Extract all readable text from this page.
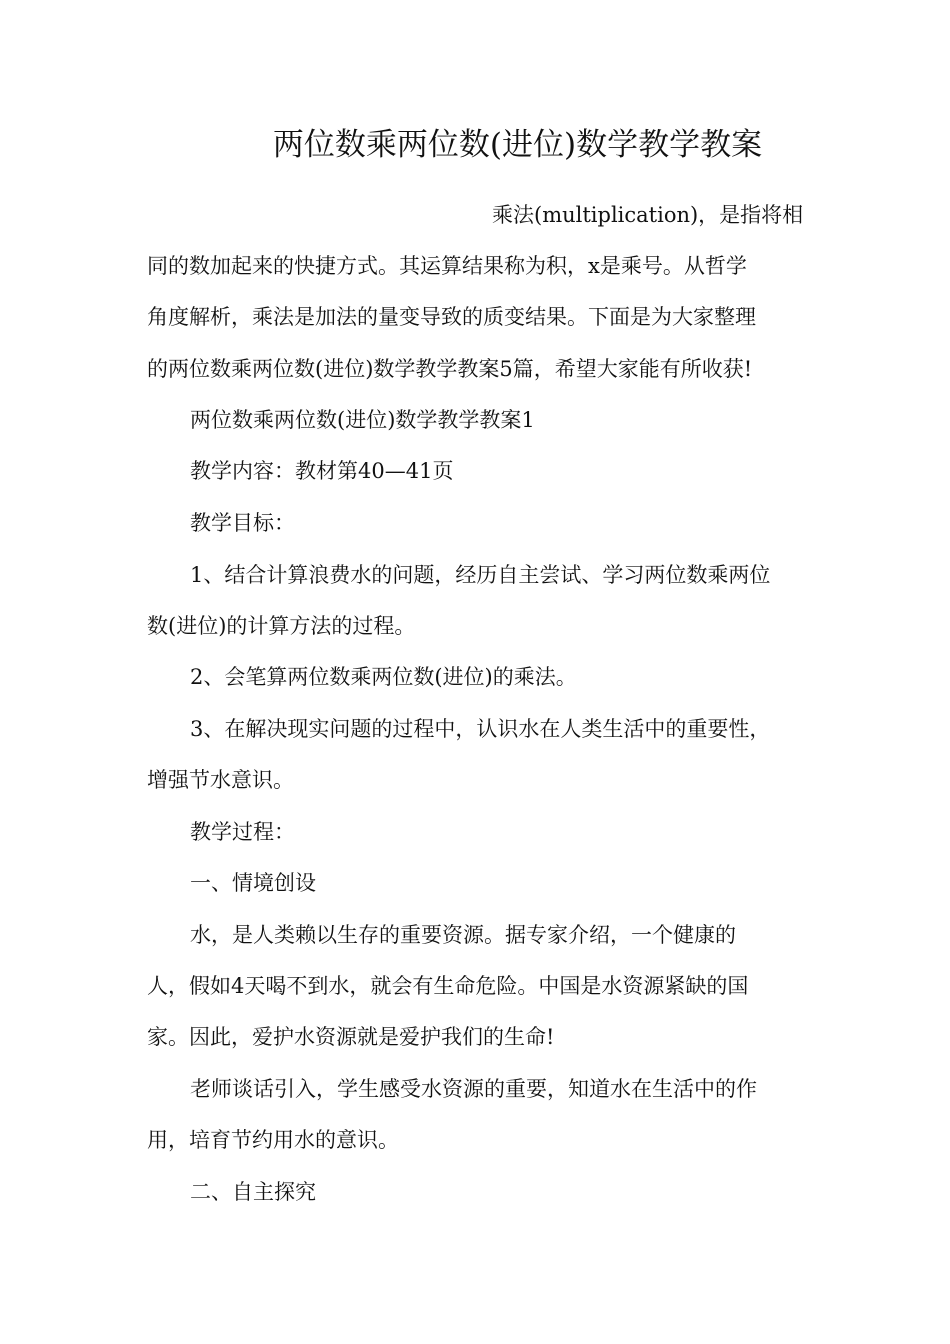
两位数乘两位数(进位)数学教学教案
乘法(multiplication)，是指将相
同的数加起来的快捷方式。其运算结果称为积，x是乘号。从哲学
角度解析，乘法是加法的量变导致的质变结果。下面是为大家整理
的两位数乘两位数(进位)数学教学教案5篇，希望大家能有所收获!
两位数乘两位数(进位)数学教学教案1
教学内容：教材第40—41页
教学目标：
1、结合计算浪费水的问题，经历自主尝试、学习两位数乘两位
数(进位)的计算方法的过程。
2、会笔算两位数乘两位数(进位)的乘法。
3、在解决现实问题的过程中，认识水在人类生活中的重要性，
增强节水意识。
教学过程：
一、情境创设
水，是人类赖以生存的重要资源。据专家介绍，一个健康的
人，假如4天喝不到水，就会有生命危险。中国是水资源紧缺的国
家。因此，爱护水资源就是爱护我们的生命!
老师谈话引入，学生感受水资源的重要，知道水在生活中的作
用，培育节约用水的意识。
二、自主探究
